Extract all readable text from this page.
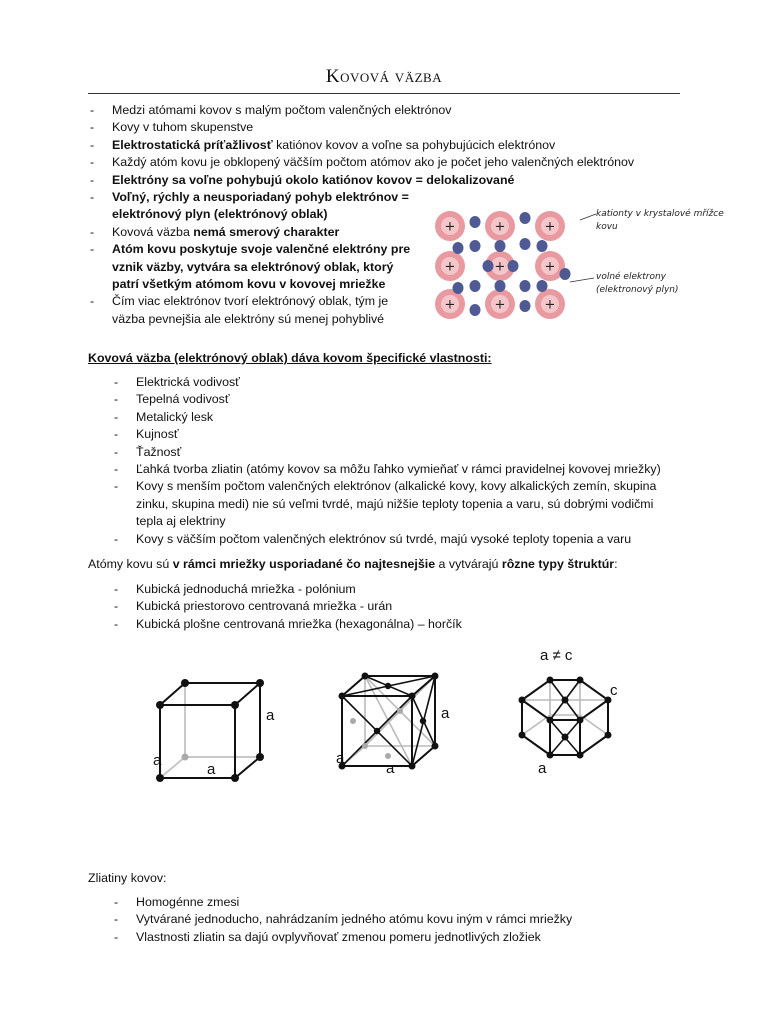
Kovová väzba
- Medzi atómami kovov s malým počtom valenčných elektrónov
- Kovy v tuhom skupenstve
- Elektrostatická príťažlivosť katiónov kovov a voľne sa pohybujúcich elektrónov
- Každý atóm kovu je obklopený väčším počtom atómov ako je počet jeho valenčných elektrónov
- Elektróny sa voľne pohybujú okolo katiónov kovov = delokalizované
- Voľný, rýchly a neusporiadaný pohyb elektrónov = elektrónový plyn (elektrónový oblak)
- Kovová väzba nemá smerový charakter
- Atóm kovu poskytuje svoje valenčné elektróny pre vznik väzby, vytvára sa elektrónový oblak, ktorý patrí všetkým atómom kovu v kovovej mriežke
- Čím viac elektrónov tvorí elektrónový oblak, tým je väzba pevnejšia ale elektróny sú menej pohyblivé
+
+
+
+
+
+
+
+
+
kationty v krystalové mřížce
kovu
volné elektrony
(elektronový plyn)
Kovová väzba (elektrónový oblak) dáva kovom špecifické vlastnosti:
- Elektrická vodivosť
- Tepelná vodivosť
- Metalický lesk
- Kujnosť
- Ťažnosť
- Ľahká tvorba zliatin (atómy kovov sa môžu ľahko vymieňať v rámci pravidelnej kovovej mriežky)
- Kovy s menším počtom valenčných elektrónov (alkalické kovy, kovy alkalických zemín, skupina zinku, skupina medi) nie sú veľmi tvrdé, majú nižšie teploty topenia a varu, sú dobrými vodičmi tepla aj elektriny
- Kovy s väčším počtom valenčných elektrónov sú tvrdé, majú vysoké teploty topenia a varu
Atómy kovu sú v rámci mriežky usporiadané čo najtesnejšie a vytvárajú rôzne typy štruktúr:
- Kubická jednoduchá mriežka - polónium
- Kubická priestorovo centrovaná mriežka - urán
- Kubická plošne centrovaná mriežka (hexagonálna) – horčík
a
a
a
a
a
a
a ≠ c
c
a
Zliatiny kovov:
- Homogénne zmesi
- Vytvárané jednoducho, nahrádzaním jedného atómu kovu iným v rámci mriežky
- Vlastnosti zliatin sa dajú ovplyvňovať zmenou pomeru jednotlivých zložiek
